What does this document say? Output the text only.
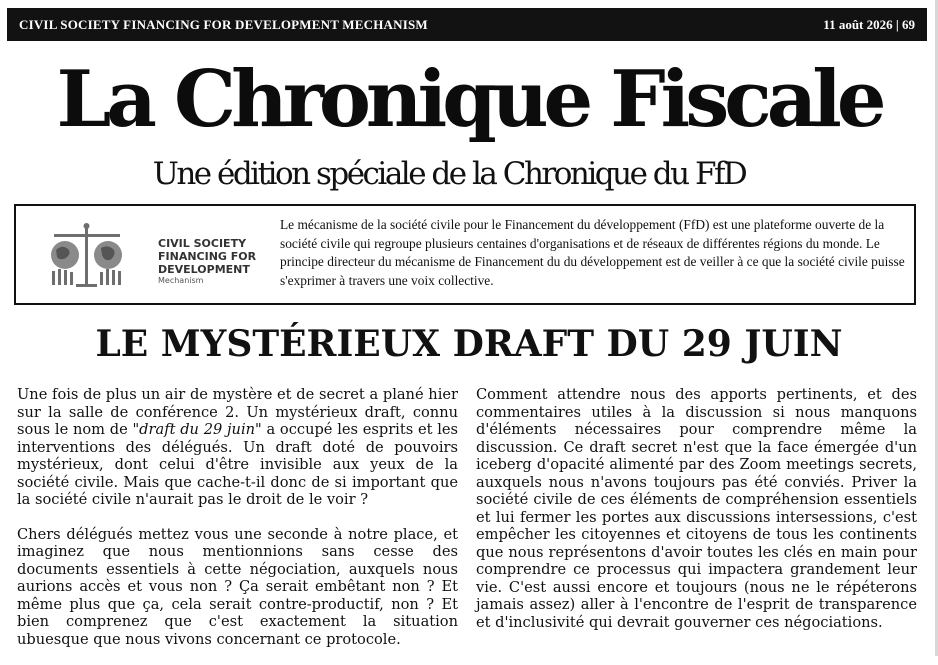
CIVIL SOCIETY FINANCING FOR DEVELOPMENT MECHANISM	11 août 2026 | 69
La Chronique Fiscale
Une édition spéciale de la Chronique du FfD
CIVIL SOCIETY
FINANCING FOR
DEVELOPMENT
Mechanism
Le mécanisme de la société civile pour le Financement du développement (FfD) est une plateforme ouverte de la société civile qui regroupe plusieurs centaines d'organisations et de réseaux de différentes régions du monde. Le principe directeur du mécanisme de Financement du du développement est de veiller à ce que la société civile puisse s'exprimer à travers une voix collective.
LE MYSTÉRIEUX DRAFT DU 29 JUIN

Une fois de plus un air de mystère et de secret a plané hier sur la salle de conférence 2. Un mystérieux draft, connu sous le nom de "draft du 29 juin" a occupé les esprits et les interventions des délégués. Un draft doté de pouvoirs mystérieux, dont celui d'être invisible aux yeux de la société civile. Mais que cache-t-il donc de si important que la société civile n'aurait pas le droit de le voir ?

Chers délégués mettez vous une seconde à notre place, et imaginez que nous mentionnions sans cesse des documents essentiels à cette négociation, auxquels nous aurions accès et vous non ? Ça serait embêtant non ? Et même plus que ça, cela serait contre-productif, non ? Et bien comprenez que c'est exactement la situation ubuesque que nous vivons concernant ce protocole.

Comment attendre nous des apports pertinents, et des commentaires utiles à la discussion si nous manquons d'éléments nécessaires pour comprendre même la discussion. Ce draft secret n'est que la face émergée d'un iceberg d'opacité alimenté par des Zoom meetings secrets, auxquels nous n'avons toujours pas été conviés. Priver la société civile de ces éléments de compréhension essentiels et lui fermer les portes aux discussions intersessions, c'est empêcher les citoyennes et citoyens de tous les continents que nous représentons d'avoir toutes les clés en main pour comprendre ce processus qui impactera grandement leur vie. C'est aussi encore et toujours (nous ne le répéterons jamais assez) aller à l'encontre de l'esprit de transparence et d'inclusivité qui devrait gouverner ces négociations.
